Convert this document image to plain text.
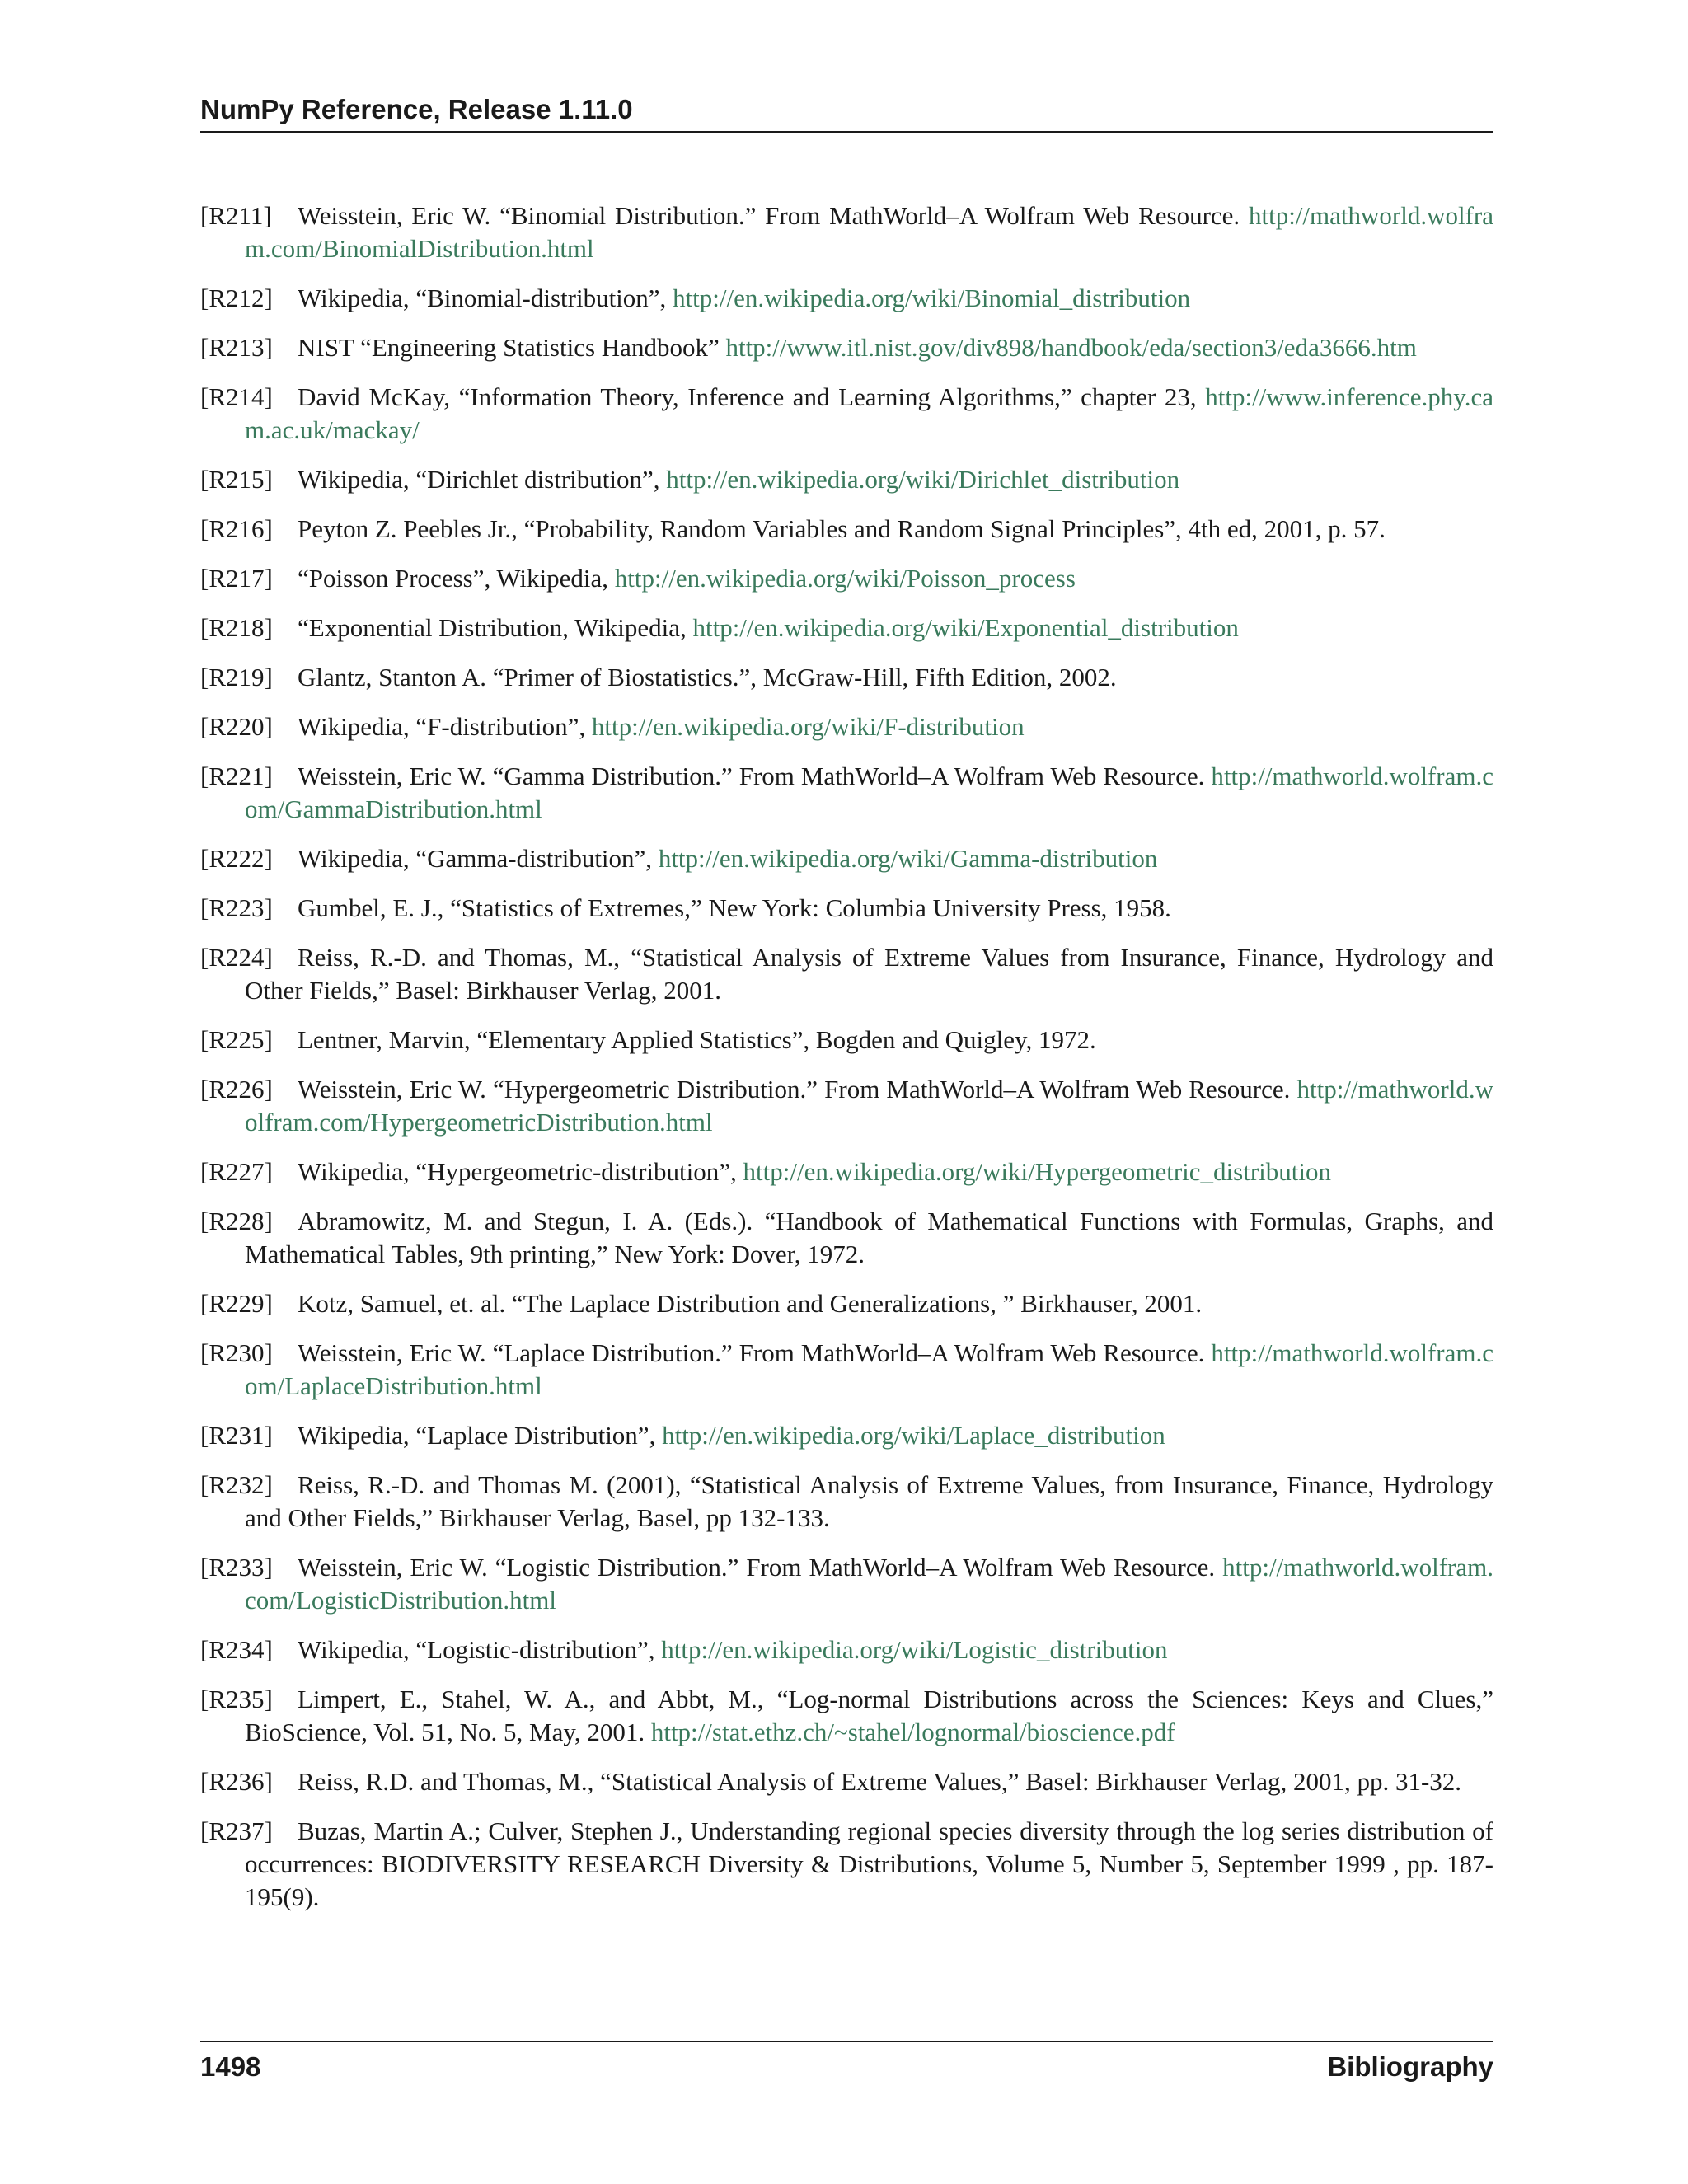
NumPy Reference, Release 1.11.0
[R211] Weisstein, Eric W. “Binomial Distribution.” From MathWorld–A Wolfram Web Resource. http://mathworld.wolfram.com/BinomialDistribution.html
[R212] Wikipedia, “Binomial-distribution”, http://en.wikipedia.org/wiki/Binomial_distribution
[R213] NIST “Engineering Statistics Handbook” http://www.itl.nist.gov/div898/handbook/eda/section3/eda3666.htm
[R214] David McKay, “Information Theory, Inference and Learning Algorithms,” chapter 23, http://www.inference.phy.cam.ac.uk/mackay/
[R215] Wikipedia, “Dirichlet distribution”, http://en.wikipedia.org/wiki/Dirichlet_distribution
[R216] Peyton Z. Peebles Jr., “Probability, Random Variables and Random Signal Principles”, 4th ed, 2001, p. 57.
[R217] “Poisson Process”, Wikipedia, http://en.wikipedia.org/wiki/Poisson_process
[R218] “Exponential Distribution, Wikipedia, http://en.wikipedia.org/wiki/Exponential_distribution
[R219] Glantz, Stanton A. “Primer of Biostatistics.”, McGraw-Hill, Fifth Edition, 2002.
[R220] Wikipedia, “F-distribution”, http://en.wikipedia.org/wiki/F-distribution
[R221] Weisstein, Eric W. “Gamma Distribution.” From MathWorld–A Wolfram Web Resource. http://mathworld.wolfram.com/GammaDistribution.html
[R222] Wikipedia, “Gamma-distribution”, http://en.wikipedia.org/wiki/Gamma-distribution
[R223] Gumbel, E. J., “Statistics of Extremes,” New York: Columbia University Press, 1958.
[R224] Reiss, R.-D. and Thomas, M., “Statistical Analysis of Extreme Values from Insurance, Finance, Hydrology and Other Fields,” Basel: Birkhauser Verlag, 2001.
[R225] Lentner, Marvin, “Elementary Applied Statistics”, Bogden and Quigley, 1972.
[R226] Weisstein, Eric W. “Hypergeometric Distribution.” From MathWorld–A Wolfram Web Resource. http://mathworld.wolfram.com/HypergeometricDistribution.html
[R227] Wikipedia, “Hypergeometric-distribution”, http://en.wikipedia.org/wiki/Hypergeometric_distribution
[R228] Abramowitz, M. and Stegun, I. A. (Eds.). “Handbook of Mathematical Functions with Formulas, Graphs, and Mathematical Tables, 9th printing,” New York: Dover, 1972.
[R229] Kotz, Samuel, et. al. “The Laplace Distribution and Generalizations, ” Birkhauser, 2001.
[R230] Weisstein, Eric W. “Laplace Distribution.” From MathWorld–A Wolfram Web Resource. http://mathworld.wolfram.com/LaplaceDistribution.html
[R231] Wikipedia, “Laplace Distribution”, http://en.wikipedia.org/wiki/Laplace_distribution
[R232] Reiss, R.-D. and Thomas M. (2001), “Statistical Analysis of Extreme Values, from Insurance, Finance, Hydrology and Other Fields,” Birkhauser Verlag, Basel, pp 132-133.
[R233] Weisstein, Eric W. “Logistic Distribution.” From MathWorld–A Wolfram Web Resource. http://mathworld.wolfram.com/LogisticDistribution.html
[R234] Wikipedia, “Logistic-distribution”, http://en.wikipedia.org/wiki/Logistic_distribution
[R235] Limpert, E., Stahel, W. A., and Abbt, M., “Log-normal Distributions across the Sciences: Keys and Clues,” BioScience, Vol. 51, No. 5, May, 2001. http://stat.ethz.ch/~stahel/lognormal/bioscience.pdf
[R236] Reiss, R.D. and Thomas, M., “Statistical Analysis of Extreme Values,” Basel: Birkhauser Verlag, 2001, pp. 31-32.
[R237] Buzas, Martin A.; Culver, Stephen J., Understanding regional species diversity through the log series distribution of occurrences: BIODIVERSITY RESEARCH Diversity & Distributions, Volume 5, Number 5, September 1999 , pp. 187-195(9).
1498	Bibliography
